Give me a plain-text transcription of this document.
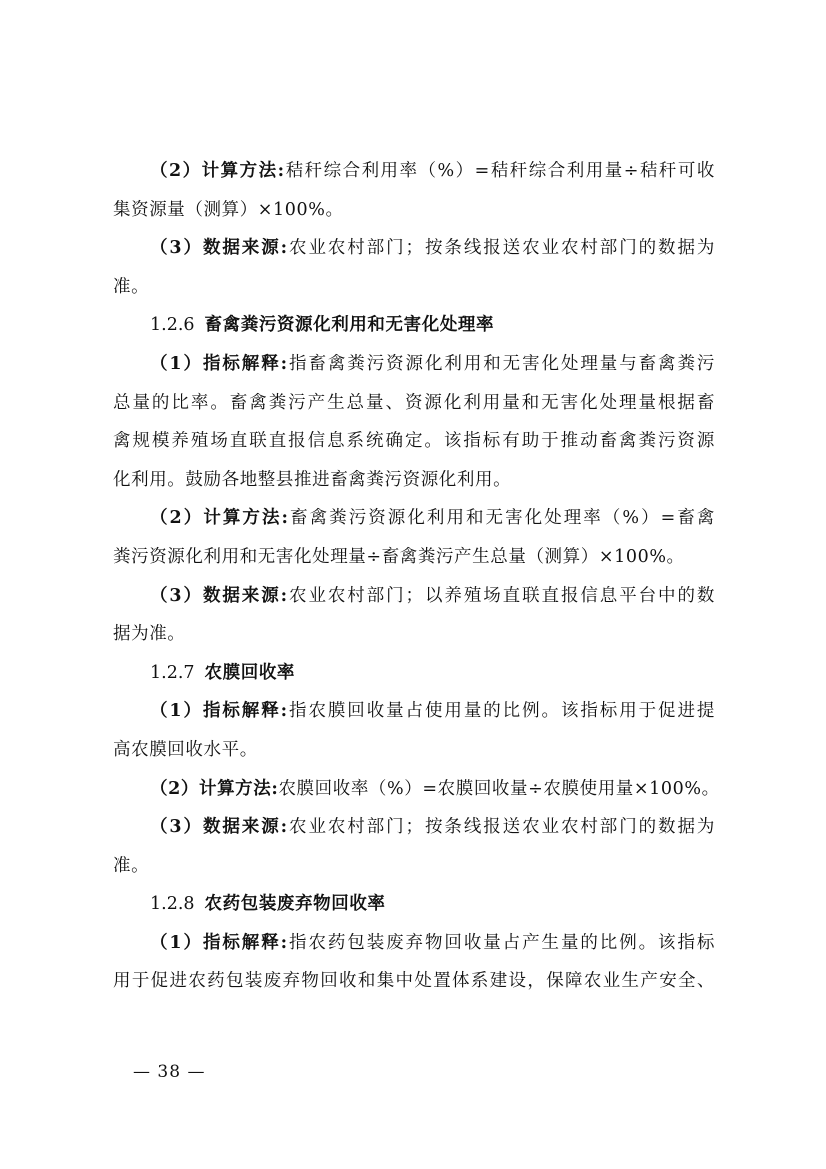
（2）计算方法:秸秆综合利用率（%）=秸秆综合利用量÷秸秆可收
集资源量（测算）×100%。
（3）数据来源:农业农村部门；按条线报送农业农村部门的数据为
准。
1.2.6 畜禽粪污资源化利用和无害化处理率
（1）指标解释:指畜禽粪污资源化利用和无害化处理量与畜禽粪污
总量的比率。畜禽粪污产生总量、资源化利用量和无害化处理量根据畜
禽规模养殖场直联直报信息系统确定。该指标有助于推动畜禽粪污资源
化利用。鼓励各地整县推进畜禽粪污资源化利用。
（2）计算方法:畜禽粪污资源化利用和无害化处理率（%）=畜禽
粪污资源化利用和无害化处理量÷畜禽粪污产生总量（测算）×100%。
（3）数据来源:农业农村部门；以养殖场直联直报信息平台中的数
据为准。
1.2.7 农膜回收率
（1）指标解释:指农膜回收量占使用量的比例。该指标用于促进提
高农膜回收水平。
（2）计算方法:农膜回收率（%）=农膜回收量÷农膜使用量×100%。
（3）数据来源:农业农村部门；按条线报送农业农村部门的数据为
准。
1.2.8 农药包装废弃物回收率
（1）指标解释:指农药包装废弃物回收量占产生量的比例。该指标
用于促进农药包装废弃物回收和集中处置体系建设，保障农业生产安全、
— 38 —
